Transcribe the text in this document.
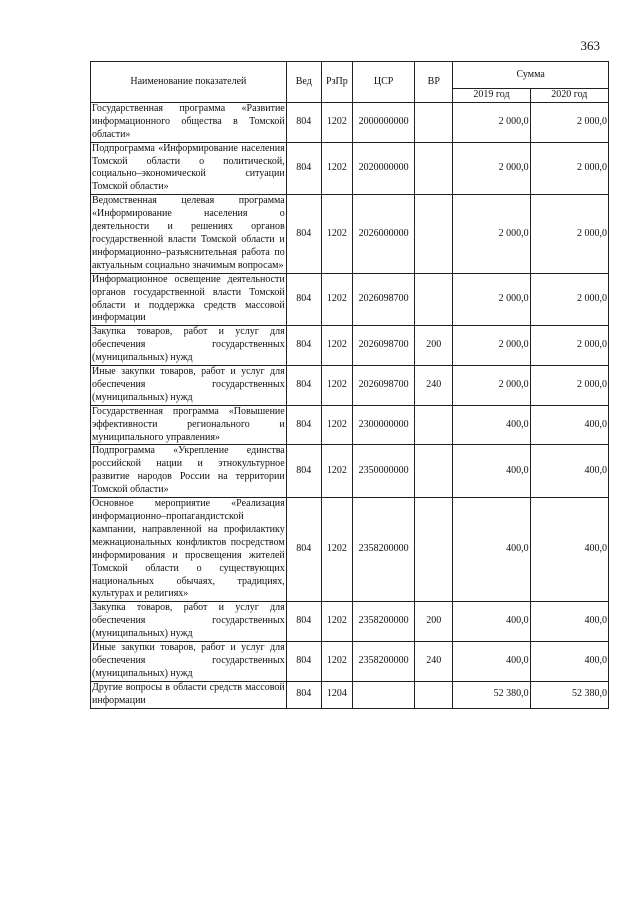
363
Наименование показателей	Вед	РзПр	ЦСР	ВР	Сумма	
					2019 год	2020 год
Государственная программа «Развитие информационного общества в Томской области»	804	1202	2000000000		2 000,0	2 000,0
Подпрограмма «Информирование населения Томской области о политической, социально–экономической ситуации Томской области»	804	1202	2020000000		2 000,0	2 000,0
Ведомственная целевая программа «Информирование населения о деятельности и решениях органов государственной власти Томской области и информационно–разъяснительная работа по актуальным социально значимым вопросам»	804	1202	2026000000		2 000,0	2 000,0
Информационное освещение деятельности органов государственной власти Томской области и поддержка средств массовой информации	804	1202	2026098700		2 000,0	2 000,0
Закупка товаров, работ и услуг для обеспечения государственных (муниципальных) нужд	804	1202	2026098700	200	2 000,0	2 000,0
Иные закупки товаров, работ и услуг для обеспечения государственных (муниципальных) нужд	804	1202	2026098700	240	2 000,0	2 000,0
Государственная программа «Повышение эффективности регионального и муниципального управления»	804	1202	2300000000		400,0	400,0
Подпрограмма «Укрепление единства российской нации и этнокультурное развитие народов России на территории Томской области»	804	1202	2350000000		400,0	400,0
Основное мероприятие «Реализация информационно–пропагандистской кампании, направленной на профилактику межнациональных конфликтов посредством информирования и просвещения жителей Томской области о существующих национальных обычаях, традициях, культурах и религиях»	804	1202	2358200000		400,0	400,0
Закупка товаров, работ и услуг для обеспечения государственных (муниципальных) нужд	804	1202	2358200000	200	400,0	400,0
Иные закупки товаров, работ и услуг для обеспечения государственных (муниципальных) нужд	804	1202	2358200000	240	400,0	400,0
Другие вопросы в области средств массовой информации	804	1204			52 380,0	52 380,0
